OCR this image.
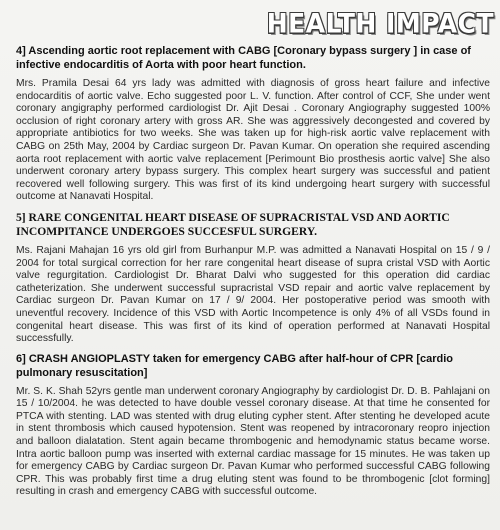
HEALTH IMPACT

4] Ascending aortic root replacement with CABG [Coronary bypass surgery ] in case of infective endocarditis of Aorta with poor heart function.

Mrs. Pramila Desai 64 yrs lady was admitted with diagnosis of gross heart failure and infective endocarditis of aortic valve. Echo suggested poor L. V. function. After control of CCF, She under went coronary angigraphy performed cardiologist Dr. Ajit Desai . Coronary Angiography suggested 100% occlusion of right coronary artery with gross AR. She was aggressively decongested and covered by appropriate antibiotics for two weeks. She was taken up for high-risk aortic valve replacement with CABG on 25th May, 2004 by Cardiac surgeon Dr. Pavan Kumar. On operation she required ascending aorta root replacement with aortic valve replacement [Perimount Bio prosthesis aortic valve] She also underwent coronary artery bypass surgery. This complex heart surgery was successful and patient recovered well following surgery. This was first of its kind undergoing heart surgery with successful outcome at Nanavati Hospital.

5] RARE CONGENITAL HEART DISEASE OF SUPRACRISTAL VSD AND AORTIC INCOMPITANCE UNDERGOES SUCCESFUL SURGERY.

Ms. Rajani Mahajan 16 yrs old girl from Burhanpur M.P. was admitted a Nanavati Hospital on 15 / 9 / 2004 for total surgical correction for her rare congenital heart disease of supra cristal VSD with Aortic valve regurgitation. Cardiologist Dr. Bharat Dalvi who suggested for this operation did cardiac catheterization. She underwent successful supracristal VSD repair and aortic valve replacement by Cardiac surgeon Dr. Pavan Kumar on 17 / 9/ 2004. Her postoperative period was smooth with uneventful recovery. Incidence of this VSD with Aortic Incompetence is only 4% of all VSDs found in congenital heart disease. This was first of its kind of operation performed at Nanavati Hospital successfully.

6] CRASH ANGIOPLASTY taken for emergency CABG after half-hour of CPR [cardio pulmonary resuscitation]

Mr. S. K. Shah 52yrs gentle man underwent coronary Angiography by cardiologist Dr. D. B. Pahlajani on 15 / 10/2004. he was detected to have double vessel coronary disease. At that time he consented for PTCA with stenting. LAD was stented with drug eluting cypher stent. After stenting he developed acute in stent thrombosis which caused hypotension. Stent was reopened by intracoronary reopro injection and balloon dialatation. Stent again became thrombogenic and hemodynamic status became worse. Intra aortic balloon pump was inserted with external cardiac massage for 15 minutes. He was taken up for emergency CABG by Cardiac surgeon Dr. Pavan Kumar who performed successful CABG following CPR. This was probably first time a drug eluting stent was found to be thrombogenic [clot forming] resulting in crash and emergency CABG with successful outcome.
